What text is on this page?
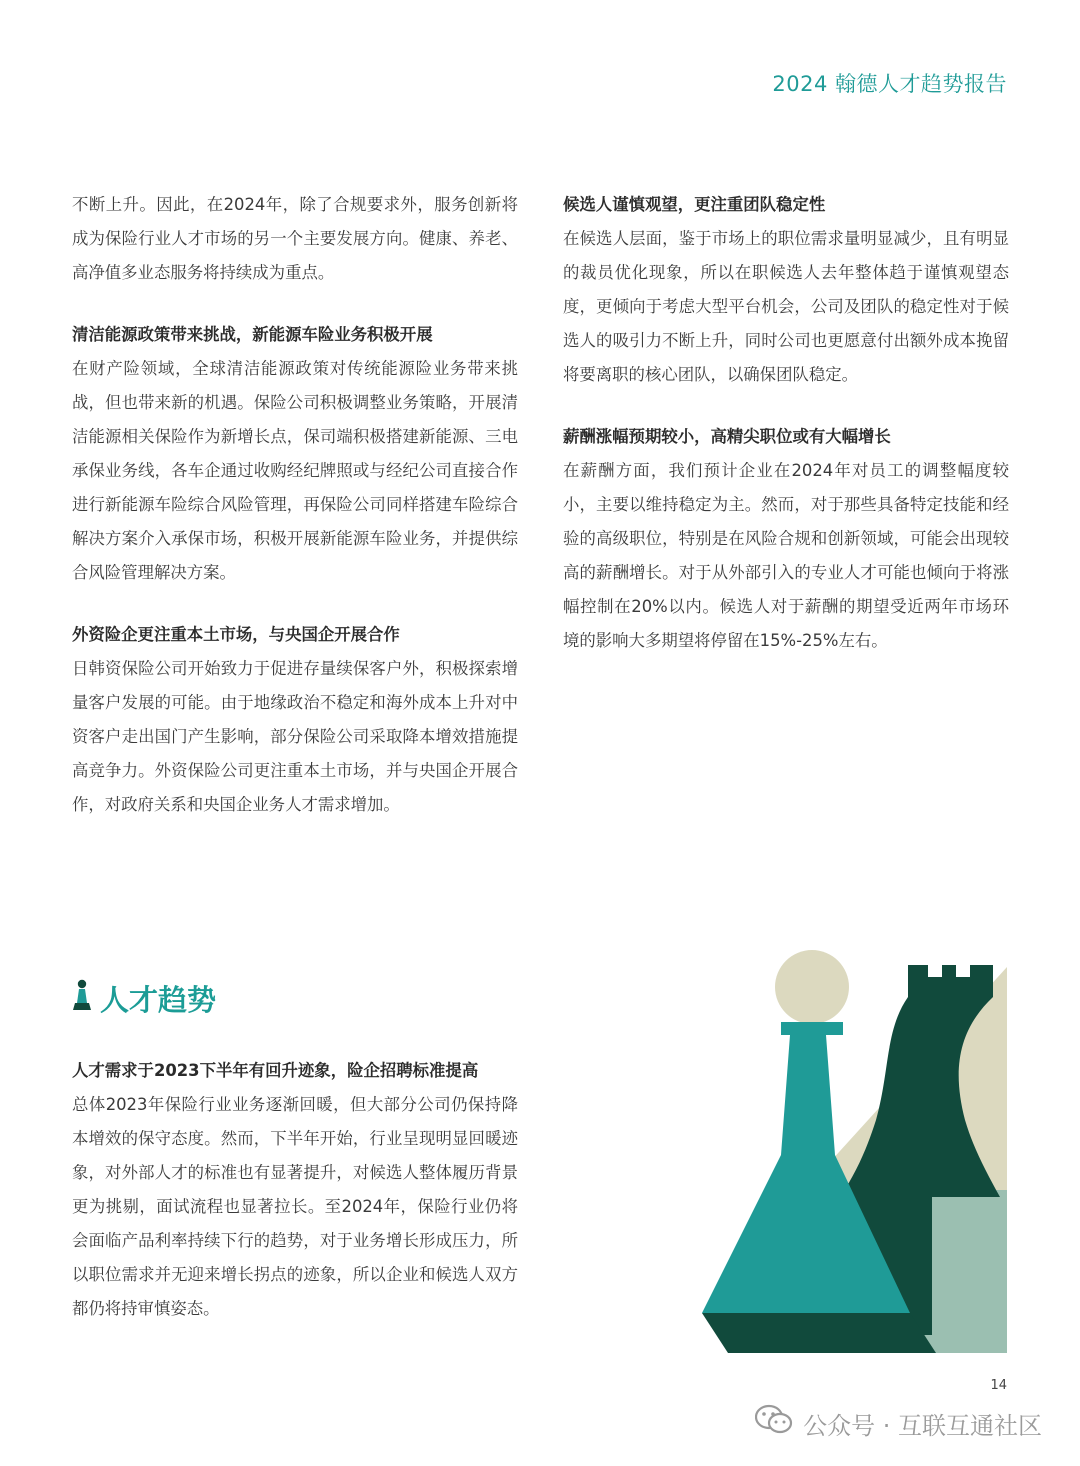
2024 翰德人才趋势报告

不断上升。因此，在2024年，除了合规要求外，服务创新将成为保险行业人才市场的另一个主要发展方向。健康、养老、高净值多业态服务将持续成为重点。

清洁能源政策带来挑战，新能源车险业务积极开展

在财产险领域，全球清洁能源政策对传统能源险业务带来挑战，但也带来新的机遇。保险公司积极调整业务策略，开展清洁能源相关保险作为新增长点，保司端积极搭建新能源、三电承保业务线，各车企通过收购经纪牌照或与经纪公司直接合作进行新能源车险综合风险管理，再保险公司同样搭建车险综合解决方案介入承保市场，积极开展新能源车险业务，并提供综合风险管理解决方案。

外资险企更注重本土市场，与央国企开展合作

日韩资保险公司开始致力于促进存量续保客户外，积极探索增量客户发展的可能。由于地缘政治不稳定和海外成本上升对中资客户走出国门产生影响，部分保险公司采取降本增效措施提高竞争力。外资保险公司更注重本土市场，并与央国企开展合作，对政府关系和央国企业务人才需求增加。

候选人谨慎观望，更注重团队稳定性

在候选人层面，鉴于市场上的职位需求量明显减少，且有明显的裁员优化现象，所以在职候选人去年整体趋于谨慎观望态度，更倾向于考虑大型平台机会，公司及团队的稳定性对于候选人的吸引力不断上升，同时公司也更愿意付出额外成本挽留将要离职的核心团队，以确保团队稳定。

薪酬涨幅预期较小，高精尖职位或有大幅增长

在薪酬方面，我们预计企业在2024年对员工的调整幅度较小，主要以维持稳定为主。然而，对于那些具备特定技能和经验的高级职位，特别是在风险合规和创新领域，可能会出现较高的薪酬增长。对于从外部引入的专业人才可能也倾向于将涨幅控制在20%以内。候选人对于薪酬的期望受近两年市场环境的影响大多期望将停留在15%-25%左右。

人才趋势

人才需求于2023下半年有回升迹象，险企招聘标准提高

总体2023年保险行业业务逐渐回暖，但大部分公司仍保持降本增效的保守态度。然而，下半年开始，行业呈现明显回暖迹象，对外部人才的标准也有显著提升，对候选人整体履历背景更为挑剔，面试流程也显著拉长。至2024年，保险行业仍将会面临产品利率持续下行的趋势，对于业务增长形成压力，所以职位需求并无迎来增长拐点的迹象，所以企业和候选人双方都仍将持审慎姿态。

14
公众号 · 互联互通社区
